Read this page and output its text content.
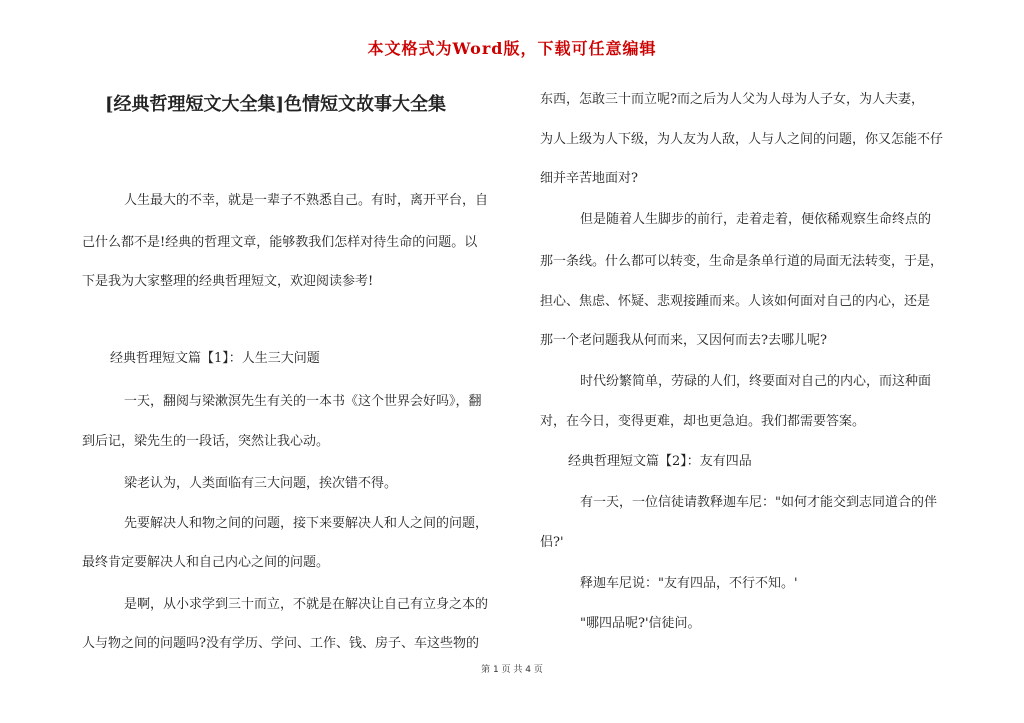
本文格式为Word版，下载可任意编辑
[经典哲理短文大全集]色情短文故事大全集

人生最大的不幸，就是一辈子不熟悉自己。有时，离开平台，自

己什么都不是!经典的哲理文章，能够教我们怎样对待生命的问题。以

下是我为大家整理的经典哲理短文，欢迎阅读参考!

经典哲理短文篇【1】：人生三大问题

一天，翻阅与梁漱溟先生有关的一本书《这个世界会好吗》，翻

到后记，梁先生的一段话，突然让我心动。

梁老认为，人类面临有三大问题，挨次错不得。

先要解决人和物之间的问题，接下来要解决人和人之间的问题，

最终肯定要解决人和自己内心之间的问题。

是啊，从小求学到三十而立，不就是在解决让自己有立身之本的

人与物之间的问题吗?没有学历、学问、工作、钱、房子、车这些物的

东西，怎敢三十而立呢?而之后为人父为人母为人子女，为人夫妻，

为人上级为人下级，为人友为人敌，人与人之间的问题，你又怎能不仔

细并辛苦地面对?

但是随着人生脚步的前行，走着走着，便依稀观察生命终点的

那一条线。什么都可以转变，生命是条单行道的局面无法转变，于是，

担心、焦虑、怀疑、悲观接踵而来。人该如何面对自己的内心，还是

那一个老问题我从何而来，又因何而去?去哪儿呢?

时代纷繁简单，劳碌的人们，终要面对自己的内心，而这种面

对，在今日，变得更难，却也更急迫。我们都需要答案。

经典哲理短文篇【2】：友有四品

有一天，一位信徒请教释迦车尼："如何才能交到志同道合的伴

侣?'

释迦车尼说："友有四品，不行不知。'

"哪四品呢?'信徒问。

第 1 页 共 4 页
